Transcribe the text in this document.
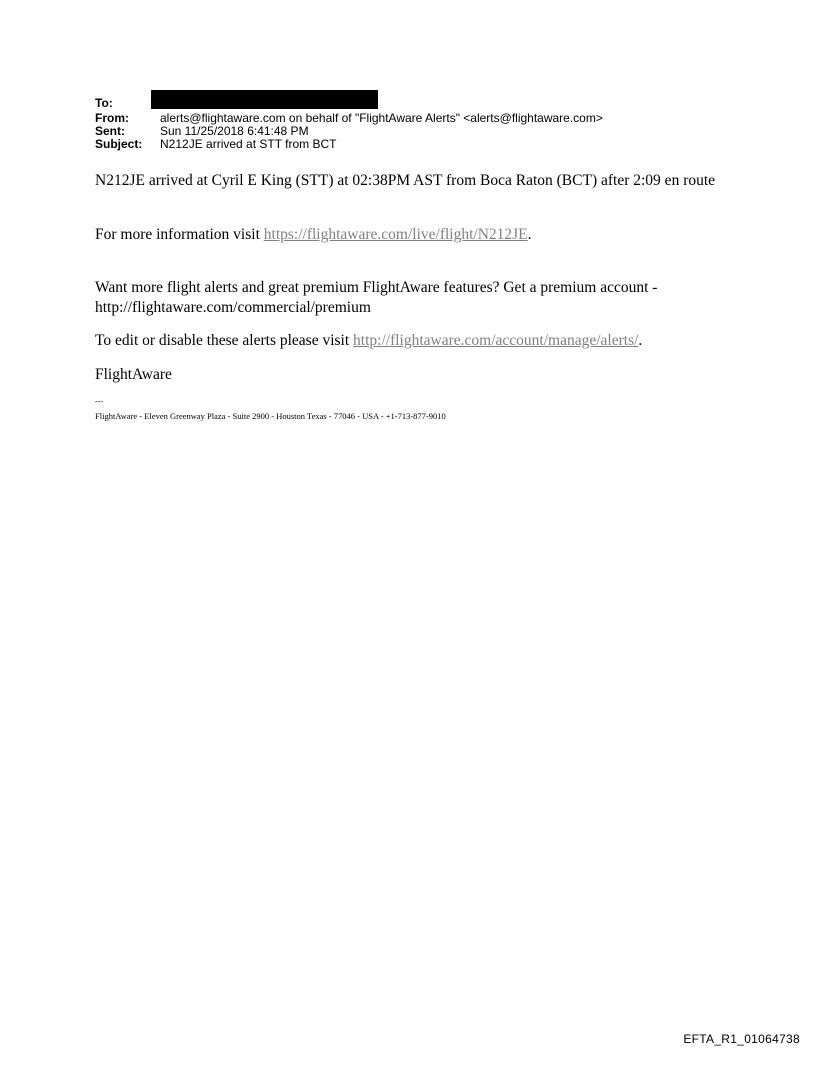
To:
From:	alerts@flightaware.com on behalf of "FlightAware Alerts" <alerts@flightaware.com>
Sent:	Sun 11/25/2018 6:41:48 PM
Subject: N212JE arrived at STT from BCT
N212JE arrived at Cyril E King (STT) at 02:38PM AST from Boca Raton (BCT) after 2:09 en route
For more information visit https://flightaware.com/live/flight/N212JE.
Want more flight alerts and great premium FlightAware features? Get a premium account -
http://flightaware.com/commercial/premium
To edit or disable these alerts please visit http://flightaware.com/account/manage/alerts/.
FlightAware
---
FlightAware - Eleven Greenway Plaza - Suite 2900 - Houston Texas - 77046 - USA - +1-713-877-9010
EFTA_R1_01064738
